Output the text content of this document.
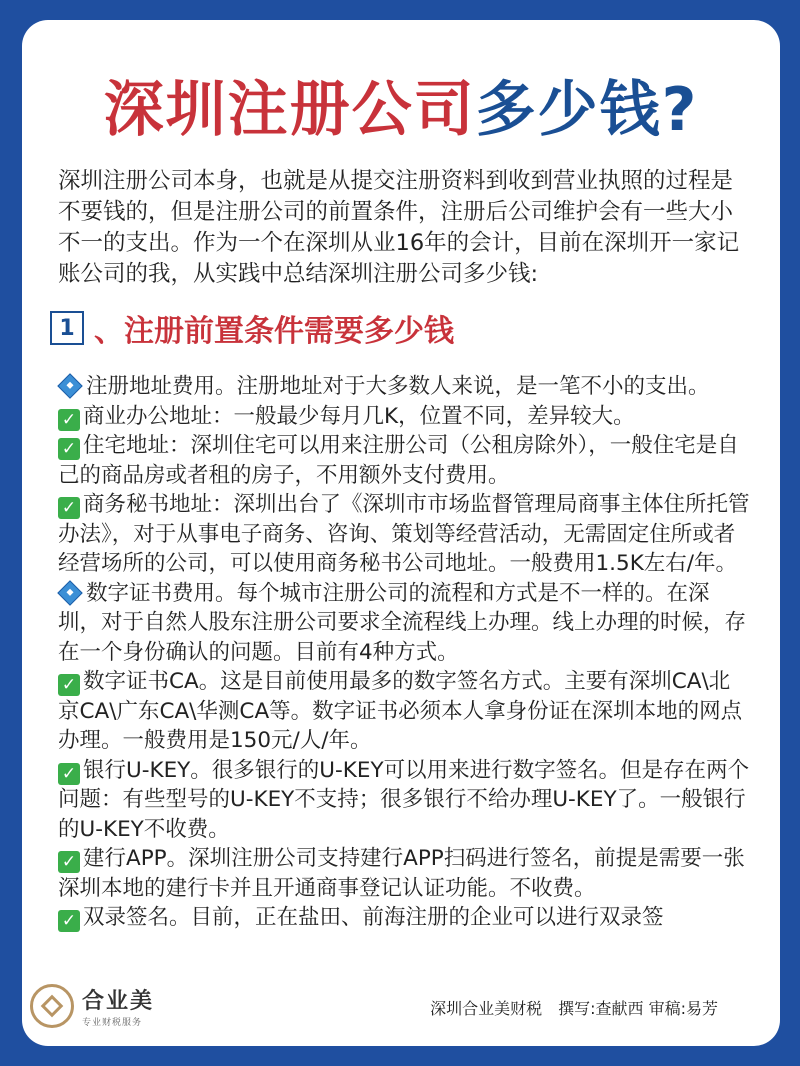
深圳注册公司多少钱?
深圳注册公司本身，也就是从提交注册资料到收到营业执照的过程是不要钱的，但是注册公司的前置条件，注册后公司维护会有一些大小不一的支出。作为一个在深圳从业16年的会计，目前在深圳开一家记账公司的我，从实践中总结深圳注册公司多少钱:
1 、注册前置条件需要多少钱

注册地址费用。注册地址对于大多数人来说，是一笔不小的支出。

✓ 商业办公地址：一般最少每月几K，位置不同，差异较大。

✓ 住宅地址：深圳住宅可以用来注册公司（公租房除外），一般住宅是自己的商品房或者租的房子，不用额外支付费用。

✓ 商务秘书地址：深圳出台了《深圳市市场监督管理局商事主体住所托管办法》，对于从事电子商务、咨询、策划等经营活动，无需固定住所或者经营场所的公司，可以使用商务秘书公司地址。一般费用1.5K左右/年。

数字证书费用。每个城市注册公司的流程和方式是不一样的。在深圳，对于自然人股东注册公司要求全流程线上办理。线上办理的时候，存在一个身份确认的问题。目前有4种方式。

✓ 数字证书CA。这是目前使用最多的数字签名方式。主要有深圳CA\北京CA\广东CA\华测CA等。数字证书必须本人拿身份证在深圳本地的网点办理。一般费用是150元/人/年。

✓ 银行U-KEY。很多银行的U-KEY可以用来进行数字签名。但是存在两个问题：有些型号的U-KEY不支持；很多银行不给办理U-KEY了。一般银行的U-KEY不收费。

✓ 建行APP。深圳注册公司支持建行APP扫码进行签名，前提是需要一张深圳本地的建行卡并且开通商事登记认证功能。不收费。

✓ 双录签名。目前，正在盐田、前海注册的企业可以进行双录签

合业美
专业财税服务
深圳合业美财税　撰写:查献西 审稿:易芳
